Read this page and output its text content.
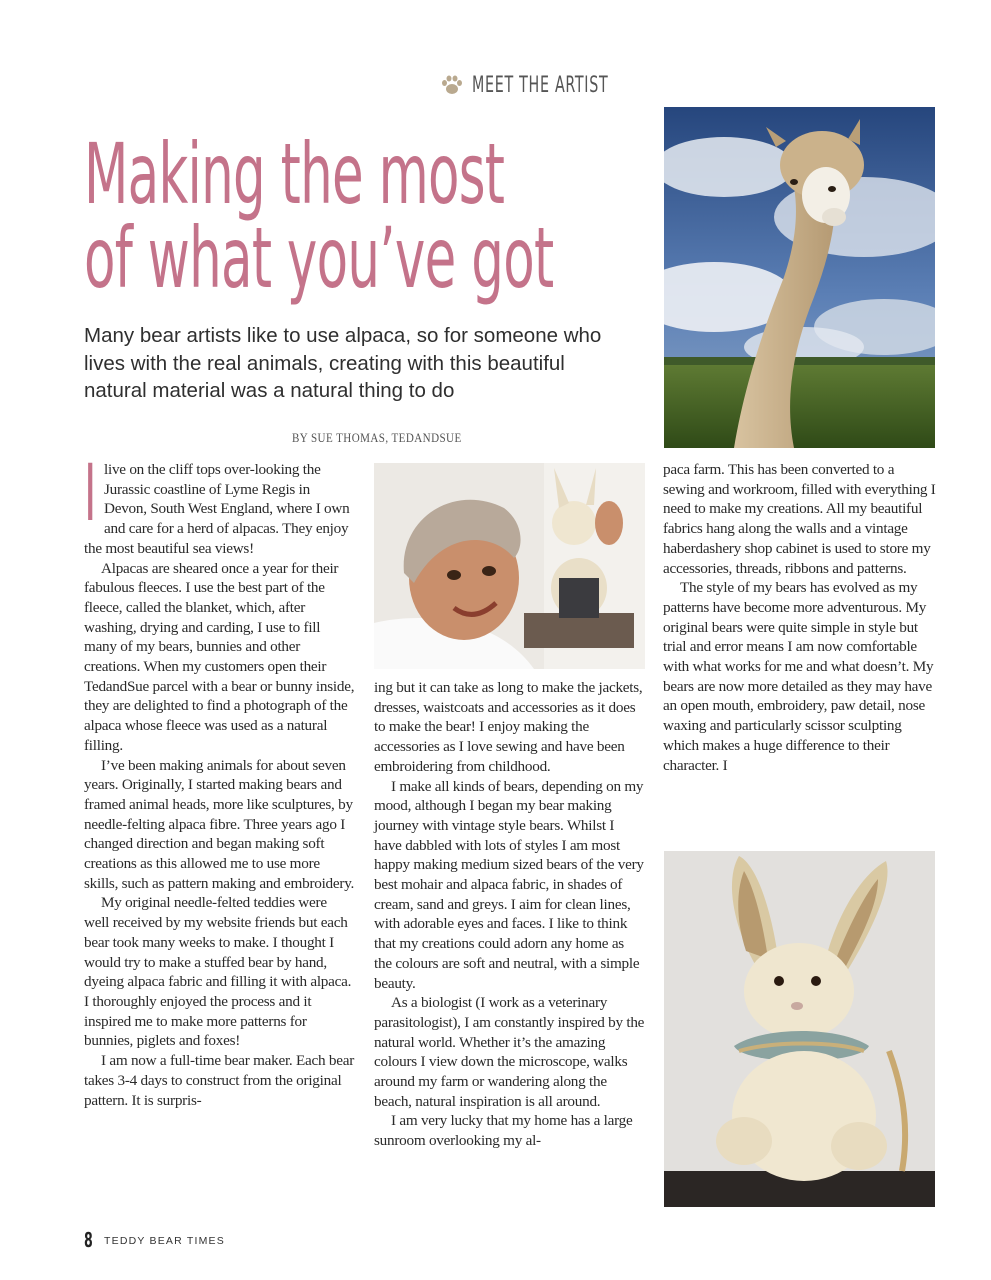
MEET THE ARTIST
Making the most
of what you’ve got

Many bear artists like to use alpaca, so for someone who lives with the real animals, creating with this beautiful natural material was a natural thing to do

BY SUE THOMAS, TEDANDSUE

Ilive on the cliff tops over-looking the Jurassic coastline of Lyme Regis in Devon, South West England, where I own and care for a herd of alpacas. They enjoy the most beautiful sea views!

Alpacas are sheared once a year for their fabulous fleeces. I use the best part of the fleece, called the blanket, which, after washing, drying and carding, I use to fill many of my bears, bunnies and other creations. When my customers open their TedandSue parcel with a bear or bunny inside, they are delighted to find a photograph of the alpaca whose fleece was used as a natural filling.

I’ve been making animals for about seven years. Originally, I started making bears and framed animal heads, more like sculptures, by needle-felting alpaca fibre. Three years ago I changed direction and began making soft creations as this allowed me to use more skills, such as pattern making and embroidery.

My original needle-felted teddies were well received by my website friends but each bear took many weeks to make. I thought I would try to make a stuffed bear by hand, dyeing alpaca fabric and filling it with alpaca. I thoroughly enjoyed the process and it inspired me to make more patterns for bunnies, piglets and foxes!

I am now a full-time bear maker. Each bear takes 3-4 days to construct from the original pattern. It is surpris-

ing but it can take as long to make the jackets, dresses, waistcoats and accessories as it does to make the bear! I enjoy making the accessories as I love sewing and have been embroidering from childhood.

I make all kinds of bears, depending on my mood, although I began my bear making journey with vintage style bears. Whilst I have dabbled with lots of styles I am most happy making medium sized bears of the very best mohair and alpaca fabric, in shades of cream, sand and greys. I aim for clean lines, with adorable eyes and faces. I like to think that my creations could adorn any home as the colours are soft and neutral, with a simple beauty.

As a biologist (I work as a veterinary parasitologist), I am constantly inspired by the natural world. Whether it’s the amazing colours I view down the microscope, walks around my farm or wandering along the beach, natural inspiration is all around.

I am very lucky that my home has a large sunroom overlooking my al-

paca farm. This has been converted to a sewing and workroom, filled with everything I need to make my creations. All my beautiful fabrics hang along the walls and a vintage haberdashery shop cabinet is used to store my accessories, threads, ribbons and patterns.

The style of my bears has evolved as my patterns have become more adventurous. My original bears were quite simple in style but trial and error means I am now comfortable with what works for me and what doesn’t. My bears are now more detailed as they may have an open mouth, embroidery, paw detail, nose waxing and particularly scissor sculpting which makes a huge difference to their character. I

8 TEDDY BEAR TIMES
